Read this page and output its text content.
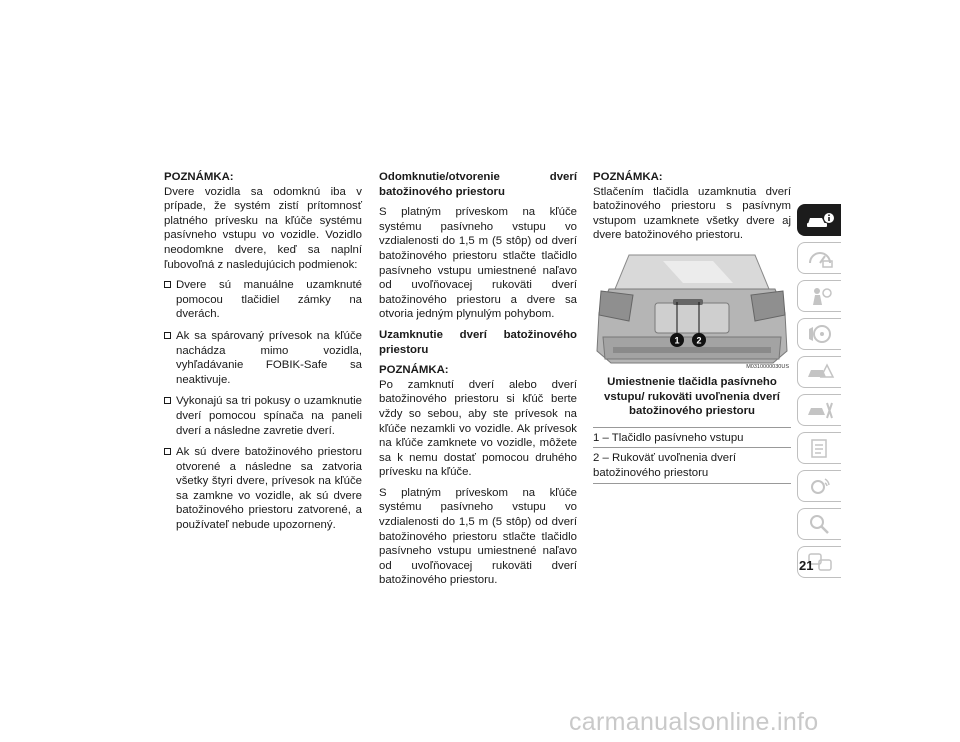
POZNÁMKA:

Dvere vozidla sa odomknú iba v prípade, že systém zistí prítomnosť platného prívesku na kľúče systému pasívneho vstupu vo vozidle. Vozidlo neodomkne dvere, keď sa naplní ľubovoľná z nasledujúcich podmienok:

Dvere sú manuálne uzamknuté pomocou tlačidiel zámky na dverách.
Ak sa spárovaný prívesok na kľúče nachádza mimo vozidla, vyhľadávanie FOBIK-Safe sa neaktivuje.
Vykonajú sa tri pokusy o uzamknutie dverí pomocou spínača na paneli dverí a následne zavretie dverí.
Ak sú dvere batožinového priestoru otvorené a následne sa zatvoria všetky štyri dvere, prívesok na kľúče sa zamkne vo vozidle, ak sú dvere batožinového priestoru zatvorené, a používateľ nebude upozornený.

Odomknutie/otvorenie dverí batožinového priestoru

S platným príveskom na kľúče systému pasívneho vstupu vo vzdialenosti do 1,5 m (5 stôp) od dverí batožinového priestoru stlačte tlačidlo pasívneho vstupu umiestnené naľavo od uvoľňovacej rukoväti dverí batožinového priestoru a dvere sa otvoria jedným plynulým pohybom.

Uzamknutie dverí batožinového priestoru

POZNÁMKA:

Po zamknutí dverí alebo dverí batožinového priestoru si kľúč berte vždy so sebou, aby ste prívesok na kľúče nezamkli vo vozidle. Ak prívesok na kľúče zamknete vo vozidle, môžete sa k nemu dostať pomocou druhého prívesku na kľúče.

S platným príveskom na kľúče systému pasívneho vstupu vo vzdialenosti do 1,5 m (5 stôp) od dverí batožinového priestoru stlačte tlačidlo pasívneho vstupu umiestnené naľavo od uvoľňovacej rukoväti dverí batožinového priestoru.

POZNÁMKA:

Stlačením tlačidla uzamknutia dverí batožinového priestoru s pasívnym vstupom uzamknete všetky dvere aj dvere batožinového priestoru.

1 2
M0310000030US

Umiestnenie tlačidla pasívneho vstupu/ rukoväti uvoľnenia dverí batožinového priestoru

1 – Tlačidlo pasívneho vstupu
2 – Rukoväť uvoľnenia dverí batožinového priestoru
21
carmanualsonline.info
